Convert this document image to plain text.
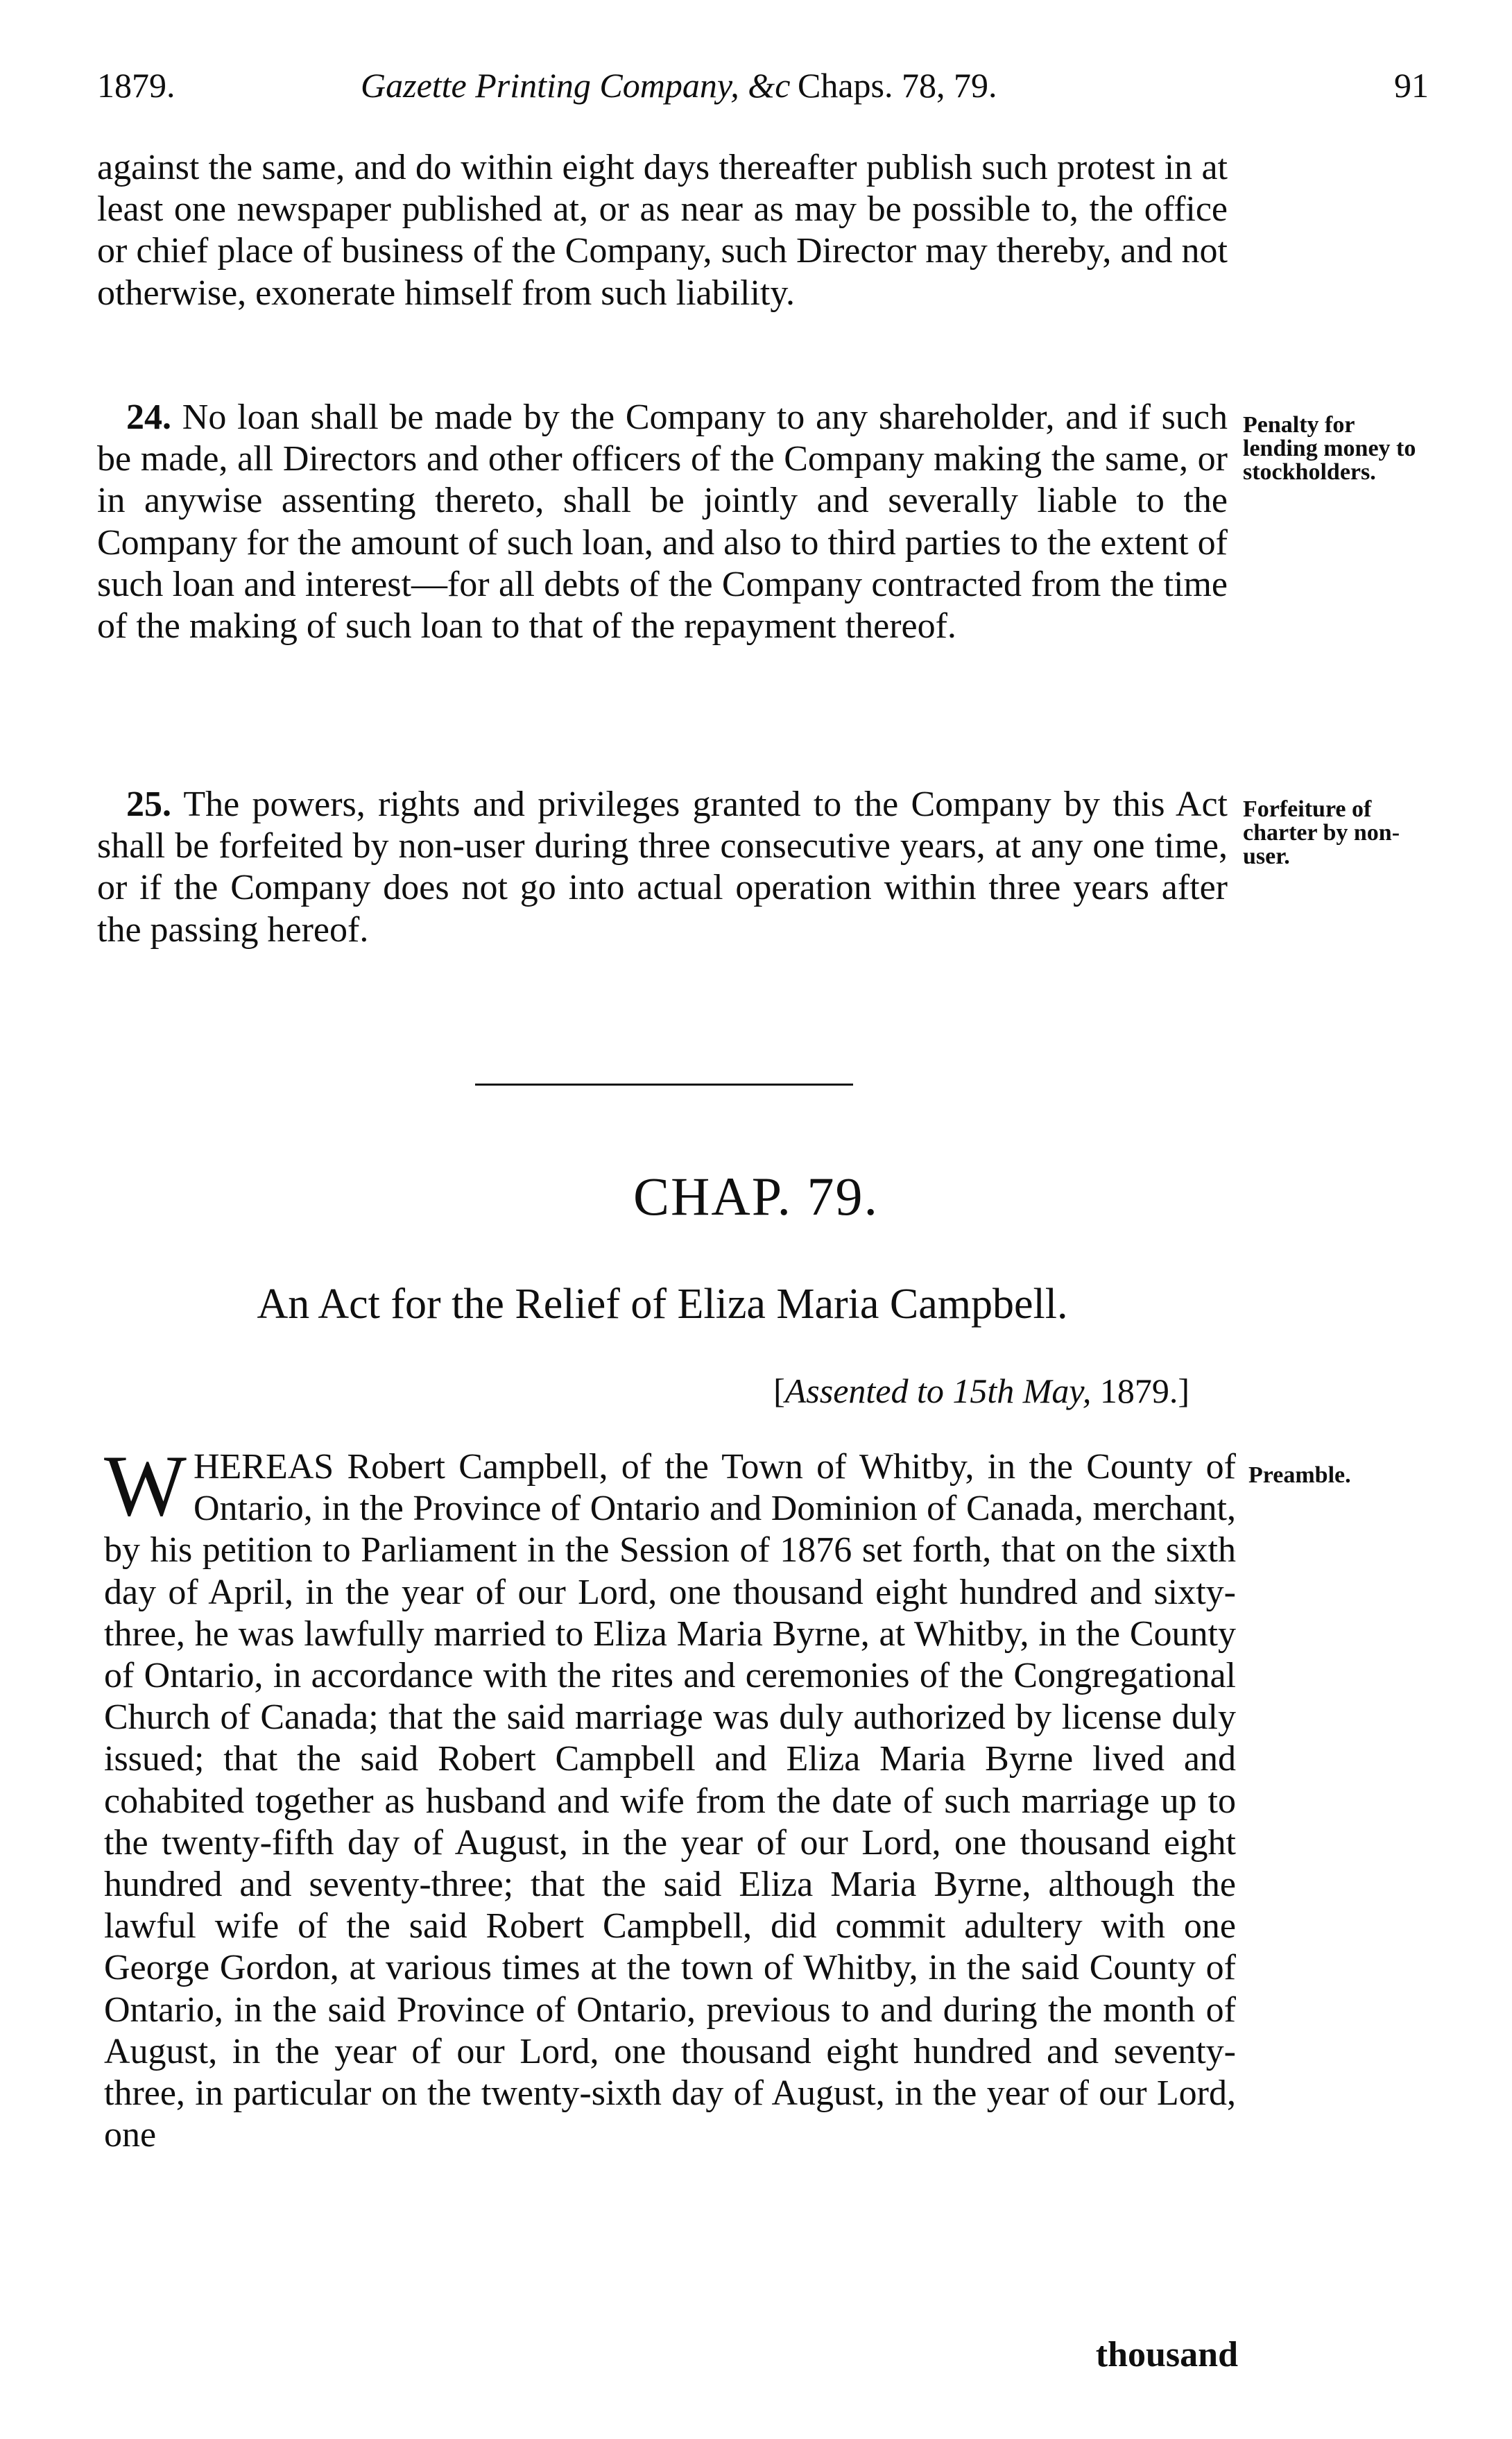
1879.	Gazette Printing Company, &c Chaps. 78, 79.	91
against the same, and do within eight days thereafter publish such protest in at least one newspaper published at, or as near as may be possible to, the office or chief place of business of the Company, such Director may thereby, and not otherwise, exonerate himself from such liability.
24. No loan shall be made by the Company to any shareholder, and if such be made, all Directors and other officers of the Company making the same, or in anywise assenting thereto, shall be jointly and severally liable to the Company for the amount of such loan, and also to third parties to the extent of such loan and interest—for all debts of the Company contracted from the time of the making of such loan to that of the repayment thereof.
Penalty for lending money to stockholders.
25. The powers, rights and privileges granted to the Company by this Act shall be forfeited by non-user during three consecutive years, at any one time, or if the Company does not go into actual operation within three years after the passing hereof.
Forfeiture of charter by non-user.
CHAP. 79.
An Act for the Relief of Eliza Maria Campbell.
[Assented to 15th May, 1879.]
WHEREAS Robert Campbell, of the Town of Whitby, in the County of Ontario, in the Province of Ontario and Dominion of Canada, merchant, by his petition to Parliament in the Session of 1876 set forth, that on the sixth day of April, in the year of our Lord, one thousand eight hundred and sixty-three, he was lawfully married to Eliza Maria Byrne, at Whitby, in the County of Ontario, in accordance with the rites and ceremonies of the Congregational Church of Canada; that the said marriage was duly authorized by license duly issued; that the said Robert Campbell and Eliza Maria Byrne lived and cohabited together as husband and wife from the date of such marriage up to the twenty-fifth day of August, in the year of our Lord, one thousand eight hundred and seventy-three; that the said Eliza Maria Byrne, although the lawful wife of the said Robert Campbell, did commit adultery with one George Gordon, at various times at the town of Whitby, in the said County of Ontario, in the said Province of Ontario, previous to and during the month of August, in the year of our Lord, one thousand eight hundred and seventy-three, in particular on the twenty-sixth day of August, in the year of our Lord, one
Preamble.
thousand
